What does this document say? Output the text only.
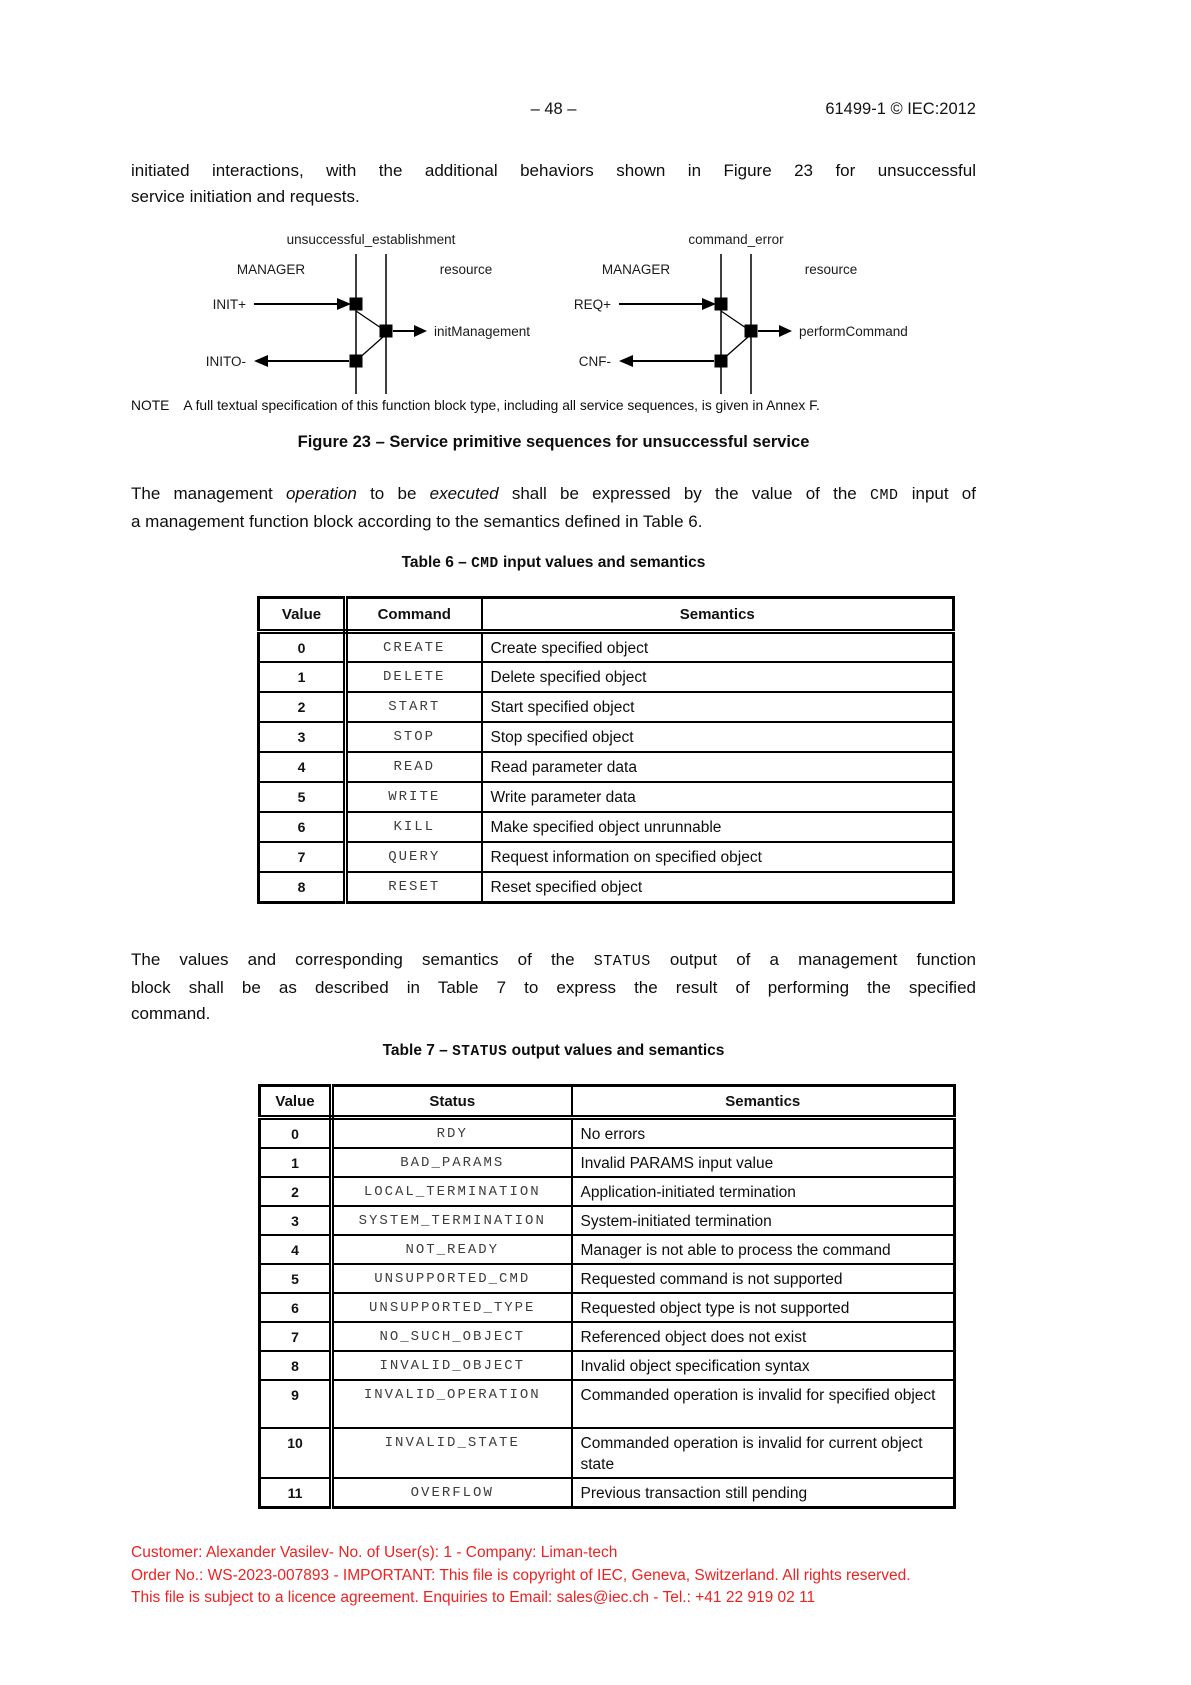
– 48 –	61499-1 © IEC:2012
initiated interactions, with the additional behaviors shown in Figure 23 for unsuccessful
service initiation and requests.
unsuccessful_establishment
MANAGER	resource
INIT+
initManagement
INITO-
command_error
MANAGER	resource
REQ+
performCommand
CNF-
NOTE A full textual specification of this function block type, including all service sequences, is given in Annex F.
Figure 23 – Service primitive sequences for unsuccessful service
The management operation to be executed shall be expressed by the value of the CMD input of
a management function block according to the semantics defined in Table 6.
Table 6 – CMD input values and semantics
Value	Command	Semantics
0	CREATE	Create specified object
1	DELETE	Delete specified object
2	START	Start specified object
3	STOP	Stop specified object
4	READ	Read parameter data
5	WRITE	Write parameter data
6	KILL	Make specified object unrunnable
7	QUERY	Request information on specified object
8	RESET	Reset specified object
The values and corresponding semantics of the STATUS output of a management function
block shall be as described in Table 7 to express the result of performing the specified
command.
Table 7 – STATUS output values and semantics
Value	Status	Semantics
0	RDY	No errors
1	BAD_PARAMS	Invalid PARAMS input value
2	LOCAL_TERMINATION	Application-initiated termination
3	SYSTEM_TERMINATION	System-initiated termination
4	NOT_READY	Manager is not able to process the command
5	UNSUPPORTED_CMD	Requested command is not supported
6	UNSUPPORTED_TYPE	Requested object type is not supported
7	NO_SUCH_OBJECT	Referenced object does not exist
8	INVALID_OBJECT	Invalid object specification syntax
9	INVALID_OPERATION	Commanded operation is invalid for specified object
10	INVALID_STATE	Commanded operation is invalid for current object state
11	OVERFLOW	Previous transaction still pending
Customer: Alexander Vasilev- No. of User(s): 1 - Company: Liman-tech
Order No.: WS-2023-007893 - IMPORTANT: This file is copyright of IEC, Geneva, Switzerland. All rights reserved.
This file is subject to a licence agreement. Enquiries to Email: sales@iec.ch - Tel.: +41 22 919 02 11
